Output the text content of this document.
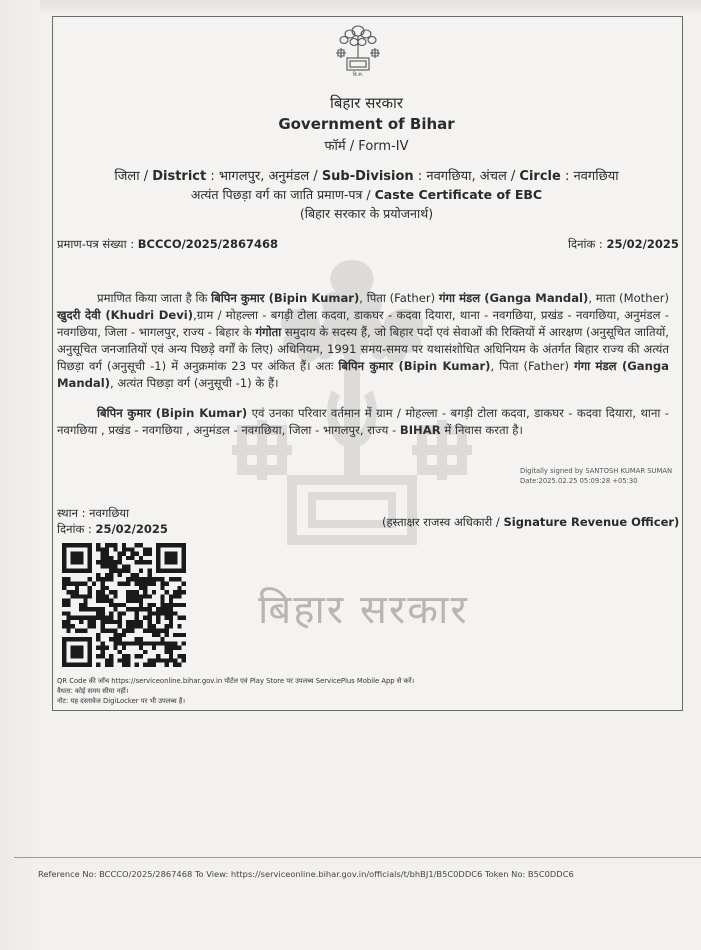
बि.स.
बिहार सरकार
बिहार सरकार
Government of Bihar
फॉर्म / Form-IV
जिला / District : भागलपुर, अनुमंडल / Sub-Division : नवगछिया, अंचल / Circle : नवगछिया
अत्यंत पिछड़ा वर्ग का जाति प्रमाण-पत्र / Caste Certificate of EBC
(बिहार सरकार के प्रयोजनार्थ)
प्रमाण-पत्र संख्या : BCCCO/2025/2867468	दिनांक : 25/02/2025
प्रमाणित किया जाता है कि बिपिन कुमार (Bipin Kumar), पिता (Father) गंगा मंडल (Ganga Mandal), माता (Mother) खुदरी देवी (Khudri Devi),ग्राम / मोहल्ला - बगड़ी टोला कदवा, डाकघर - कदवा दियारा, थाना - नवगछिया, प्रखंड - नवगछिया, अनुमंडल - नवगछिया, जिला - भागलपुर, राज्य - बिहार के गंगोता समुदाय के सदस्य हैं, जो बिहार पदों एवं सेवाओं की रिक्तियों में आरक्षण (अनुसूचित जातियों, अनुसूचित जनजातियों एवं अन्य पिछड़े वर्गों के लिए) अधिनियम, 1991 समय-समय पर यथासंशोधित अधिनियम के अंतर्गत बिहार राज्य की अत्यंत पिछड़ा वर्ग (अनुसूची -1) में अनुक्रमांक 23 पर अंकित हैं। अतः बिपिन कुमार (Bipin Kumar), पिता (Father) गंगा मंडल (Ganga Mandal), अत्यंत पिछड़ा वर्ग (अनुसूची -1) के हैं।
बिपिन कुमार (Bipin Kumar) एवं उनका परिवार वर्तमान में ग्राम / मोहल्ला - बगड़ी टोला कदवा, डाकघर - कदवा दियारा, थाना - नवगछिया , प्रखंड - नवगछिया , अनुमंडल - नवगछिया, जिला - भागलपुर, राज्य - BIHAR में निवास करता है।
Digitally signed by SANTOSH KUMAR SUMAN
Date:2025.02.25 05:09:28 +05:30
स्थान : नवगछिया
दिनांक : 25/02/2025	(हस्ताक्षर राजस्व अधिकारी / Signature Revenue Officer)
QR Code की जाँच https://serviceonline.bihar.gov.in पोर्टल एवं Play Store पर उपलब्ध ServicePlus Mobile App से करें।
वैधता: कोई समय सीमा नहीं।
नोट: यह दस्तावेज DigiLocker पर भी उपलब्ध है।
Reference No: BCCCO/2025/2867468 To View: https://serviceonline.bihar.gov.in/officials/t/bhBJ1/B5C0DDC6 Token No: B5C0DDC6
